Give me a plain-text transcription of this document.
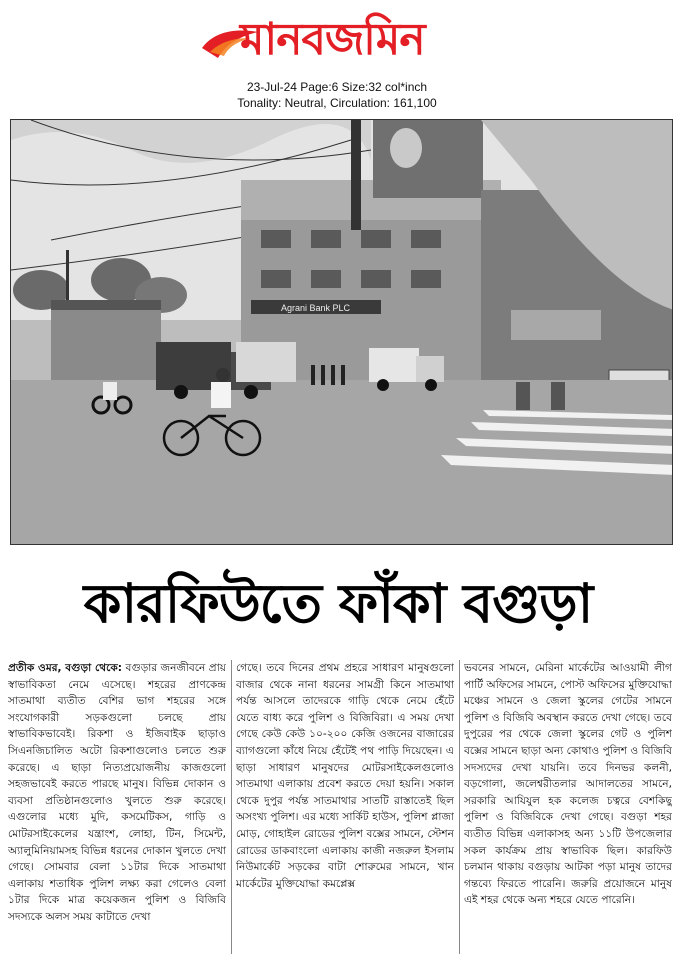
মানবজমিন
23-Jul-24 Page:6 Size:32 col*inch
Tonality: Neutral, Circulation: 161,100
Agrani Bank PLC
কারফিউতে ফাঁকা বগুড়া

প্রতীক ওমর, বগুড়া থেকে: বগুড়ার জনজীবনে প্রায় স্বাভাবিকতা নেমে এসেছে। শহরের প্রাণকেন্দ্র সাতমাথা ব্যতীত বেশির ভাগ শহরের সঙ্গে সংযোগকারী সড়কগুলো চলছে প্রায় স্বাভাবিকভাবেই। রিকশা ও ইজিবাইক ছাড়াও সিএনজিচালিত অটো রিকশাগুলোও চলতে শুরু করেছে। এ ছাড়া নিত্যপ্রয়োজনীয় কাজগুলো সহজভাবেই করতে পারছে মানুষ। বিভিন্ন দোকান ও ব্যবসা প্রতিষ্ঠানগুলোও খুলতে শুরু করেছে। এগুলোর মধ্যে মুদি, কসমেটিকস, গাড়ি ও মোটরসাইকেলের যন্ত্রাংশ, লোহা, টিন, সিমেন্ট, অ্যালুমিনিয়ামসহ বিভিন্ন ধরনের দোকান খুলতে দেখা গেছে। সোমবার বেলা ১১টার দিকে সাতমাথা এলাকায় শতাধিক পুলিশ লক্ষ্য করা গেলেও বেলা ১টার দিকে মাত্র কয়েকজন পুলিশ ও বিজিবি সদস্যকে অলস সময় কাটাতে দেখা

গেছে। তবে দিনের প্রথম প্রহরে সাধারণ মানুষগুলো বাজার থেকে নানা ধরনের সামগ্রী কিনে সাতমাথা পর্যন্ত আসলে তাদেরকে গাড়ি থেকে নেমে হেঁটে যেতে বাধ্য করে পুলিশ ও বিজিবিরা। এ সময় দেখা গেছে কেউ কেউ ১০-২০০ কেজি ওজনের বাজারের ব্যাগগুলো কাঁধে নিয়ে হেঁটেই পথ পাড়ি দিয়েছেন। এ ছাড়া সাধারণ মানুষদের মোটরসাইকেলগুলোও সাতমাথা এলাকায় প্রবেশ করতে দেয়া হয়নি। সকাল থেকে দুপুর পর্যন্ত সাতমাথার সাতটি রাস্তাতেই ছিল অসংখ্য পুলিশ। এর মধ্যে সার্কিট হাউস, পুলিশ প্লাজা মোড়, গোহাইল রোডের পুলিশ বক্সের সামনে, স্টেশন রোডের ডাকবাংলো এলাকায় কাজী নজরুল ইসলাম নিউমার্কেট সড়কের বাটা শোরুমের সামনে, খান মার্কেটের মুক্তিযোদ্ধা কমপ্লেক্স

ভবনের সামনে, মেরিনা মার্কেটের আওয়ামী লীগ পার্টি অফিসের সামনে, পোস্ট অফিসের মুক্তিযোদ্ধা মঞ্চের সামনে ও জেলা স্কুলের গেটের সামনে পুলিশ ও বিজিবি অবস্থান করতে দেখা গেছে। তবে দুপুরের পর থেকে জেলা স্কুলের গেট ও পুলিশ বক্সের সামনে ছাড়া অন্য কোথাও পুলিশ ও বিজিবি সদস্যদের দেখা যায়নি। তবে দিনভর কলনী, বড়গোলা, জলেশ্বরীতলার আদালতের সামনে, সরকারি আযিযুল হক কলেজ চত্বরে বেশকিছু পুলিশ ও বিজিবিকে দেখা গেছে। বগুড়া শহর ব্যতীত বিভিন্ন এলাকাসহ অন্য ১১টি উপজেলার সকল কার্যক্রম প্রায় স্বাভাবিক ছিল। কারফিউ চলমান থাকায় বগুড়ায় আটকা পড়া মানুষ তাদের গন্তব্যে ফিরতে পারেনি। জরুরি প্রয়োজনে মানুষ এই শহর থেকে অন্য শহরে যেতে পারেনি।
